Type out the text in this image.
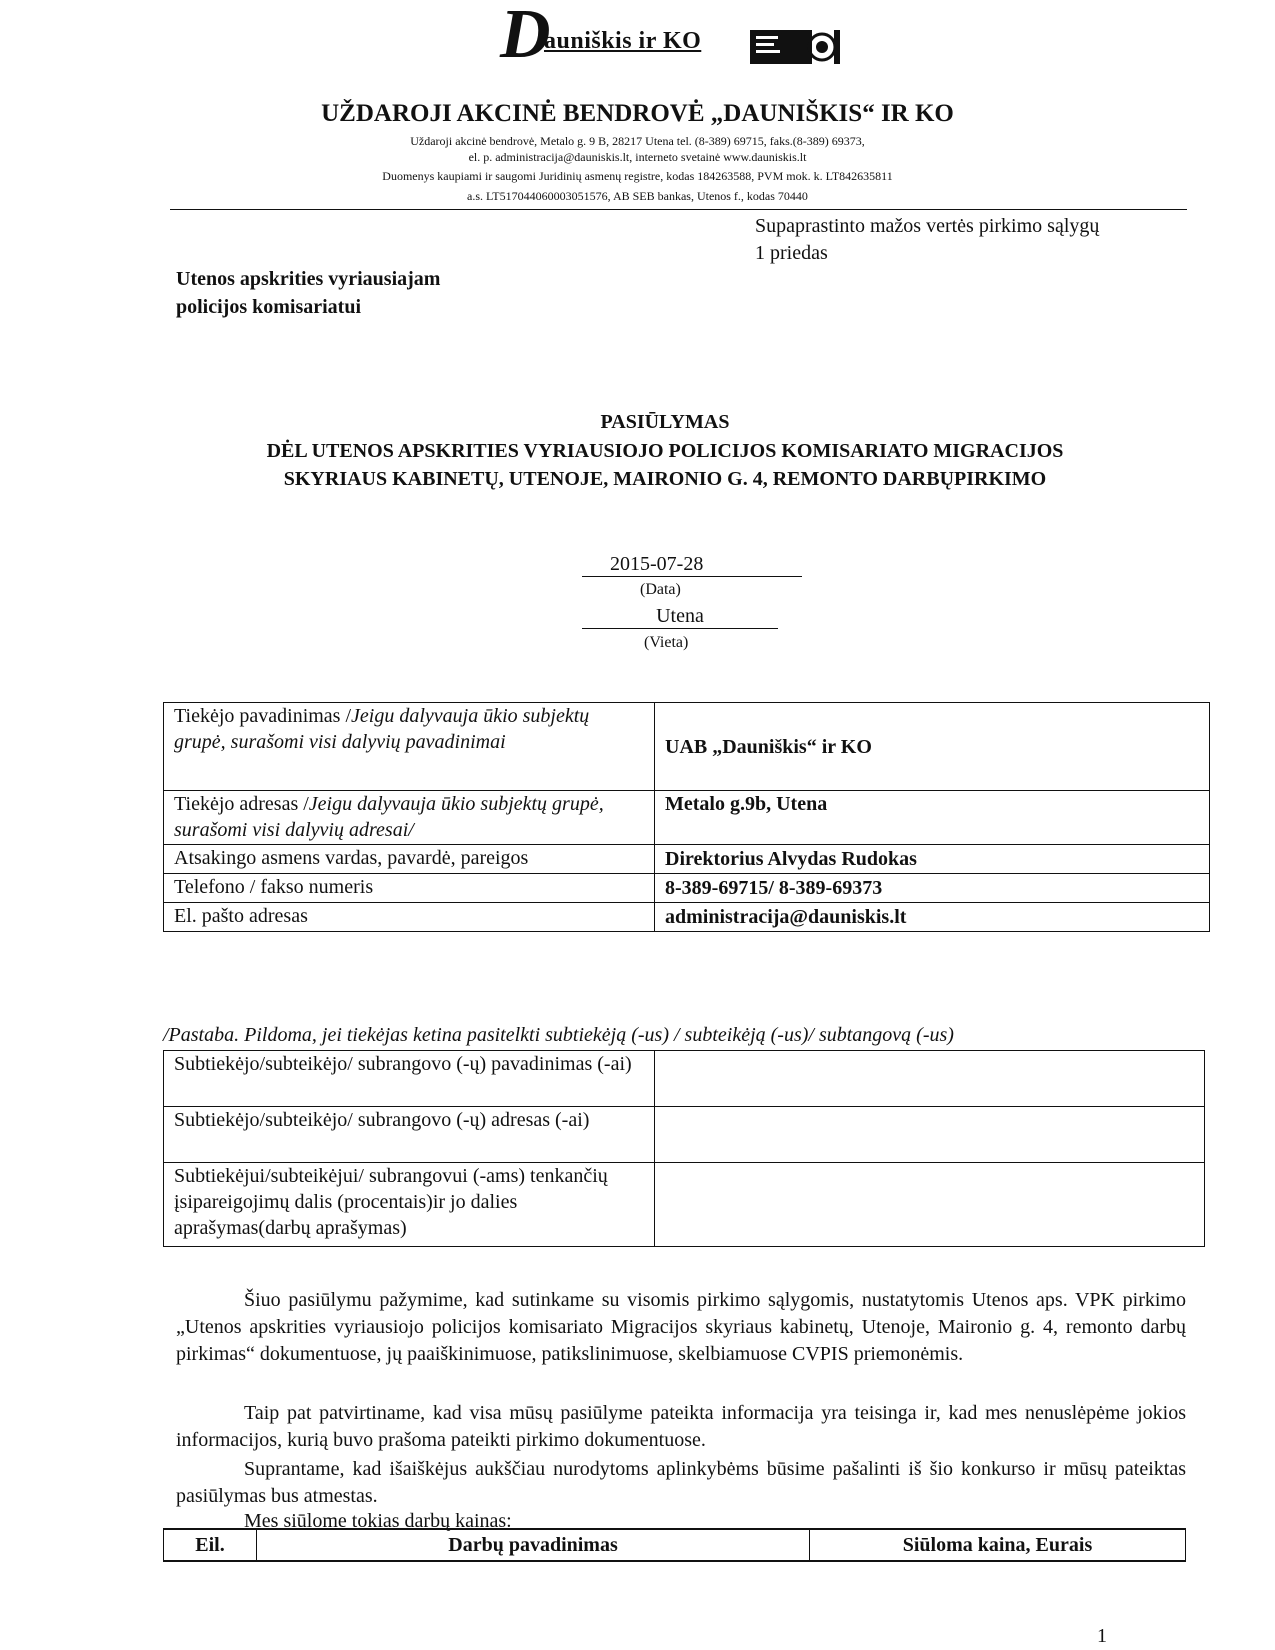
D
auniškis ir KO
UŽDAROJI AKCINĖ BENDROVĖ „DAUNIŠKIS“ IR KO
Uždaroji akcinė bendrovė, Metalo g. 9 B, 28217 Utena tel. (8-389) 69715, faks.(8-389) 69373,
el. p. administracija@dauniskis.lt, interneto svetainė www.dauniskis.lt
Duomenys kaupiami ir saugomi Juridinių asmenų registre, kodas 184263588, PVM mok. k. LT842635811
a.s. LT517044060003051576, AB SEB bankas, Utenos f., kodas 70440
Supaprastinto mažos vertės pirkimo sąlygų
1 priedas
Utenos apskrities vyriausiajam
policijos komisariatui
PASIŪLYMAS
DĖL UTENOS APSKRITIES VYRIAUSIOJO POLICIJOS KOMISARIATO MIGRACIJOS
SKYRIAUS KABINETŲ, UTENOJE, MAIRONIO G. 4, REMONTO DARBŲPIRKIMO
2015-07-28
(Data)
Utena
(Vieta)
Tiekėjo pavadinimas /Jeigu dalyvauja ūkio subjektų grupė, surašomi visi dalyvių pavadinimai	UAB „Dauniškis“ ir KO
Tiekėjo adresas /Jeigu dalyvauja ūkio subjektų grupė, surašomi visi dalyvių adresai/	Metalo g.9b, Utena
Atsakingo asmens vardas, pavardė, pareigos	Direktorius Alvydas Rudokas
Telefono / fakso numeris	8-389-69715/ 8-389-69373
El. pašto adresas	administracija@dauniskis.lt
/Pastaba. Pildoma, jei tiekėjas ketina pasitelkti subtiekėją (-us) / subteikėją (-us)/ subtangovą (-us)
Subtiekėjo/subteikėjo/ subrangovo (-ų) pavadinimas (-ai)	
Subtiekėjo/subteikėjo/ subrangovo (-ų) adresas (-ai)	
Subtiekėjui/subteikėjui/ subrangovui (-ams) tenkančių įsipareigojimų dalis (procentais)ir jo dalies aprašymas(darbų aprašymas)	
Šiuo pasiūlymu pažymime, kad sutinkame su visomis pirkimo sąlygomis, nustatytomis Utenos aps. VPK pirkimo „Utenos apskrities vyriausiojo policijos komisariato Migracijos skyriaus kabinetų, Utenoje, Maironio g. 4, remonto darbų pirkimas“ dokumentuose, jų paaiškinimuose, patikslinimuose, skelbiamuose CVPIS priemonėmis.
Taip pat patvirtiname, kad visa mūsų pasiūlyme pateikta informacija yra teisinga ir, kad mes nenuslėpėme jokios informacijos, kurią buvo prašoma pateikti pirkimo dokumentuose.
Suprantame, kad išaiškėjus aukščiau nurodytoms aplinkybėms būsime pašalinti iš šio konkurso ir mūsų pateiktas pasiūlymas bus atmestas.
Mes siūlome tokias darbų kainas:
Eil.	Darbų pavadinimas	Siūloma kaina, Eurais
1
